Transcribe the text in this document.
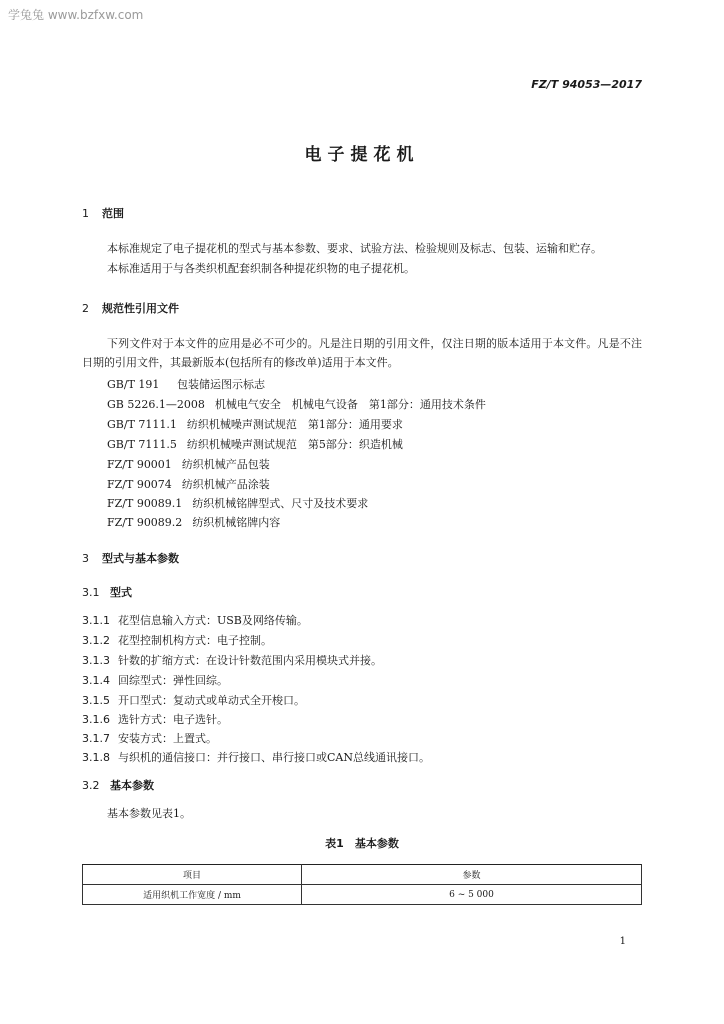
学兔兔 www.bzfxw.com
FZ/T 94053—2017
电子提花机
1 范围
本标准规定了电子提花机的型式与基本参数、要求、试验方法、检验规则及标志、包装、运输和贮存。
本标准适用于与各类织机配套织制各种提花织物的电子提花机。
2 规范性引用文件
下列文件对于本文件的应用是必不可少的。凡是注日期的引用文件，仅注日期的版本适用于本文件。凡是不注日期的引用文件，其最新版本(包括所有的修改单)适用于本文件。
GB/T 191 包装储运图示标志
GB 5226.1—2008 机械电气安全　机械电气设备　第1部分：通用技术条件
GB/T 7111.1 纺织机械噪声测试规范　第1部分：通用要求
GB/T 7111.5 纺织机械噪声测试规范　第5部分：织造机械
FZ/T 90001 纺织机械产品包装
FZ/T 90074 纺织机械产品涂装
FZ/T 90089.1 纺织机械铭牌型式、尺寸及技术要求
FZ/T 90089.2 纺织机械铭牌内容
3 型式与基本参数
3.1 型式
3.1.1 花型信息输入方式：USB及网络传输。
3.1.2 花型控制机构方式：电子控制。
3.1.3 针数的扩缩方式：在设计针数范围内采用模块式并接。
3.1.4 回综型式：弹性回综。
3.1.5 开口型式：复动式或单动式全开梭口。
3.1.6 选针方式：电子选针。
3.1.7 安装方式：上置式。
3.1.8 与织机的通信接口：并行接口、串行接口或CAN总线通讯接口。
3.2 基本参数
基本参数见表1。
表1　基本参数
项目	参数
适用织机工作宽度 / mm	6 ~ 5 000
1
